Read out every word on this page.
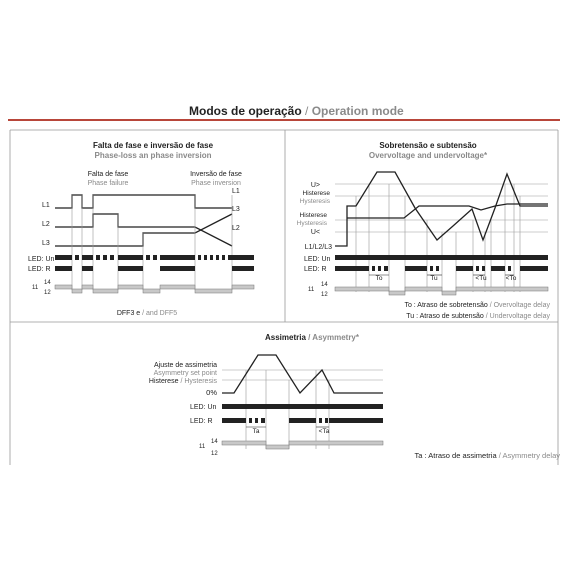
Modos de operação / Operation mode
Falta de fase e inversão de fase
Phase-loss an phase inversion
Falta de fase
Phase failure
Inversão de fase
Phase inversion
L1
L2
L3
L1
L3
L2
LED: Un
LED: R
14
11
12
DFF3 e / and DFF5
Sobretensão e subtensão
Overvoltage and undervoltage*
U>
Histerese
Hysteresis
Histerese
Hysteresis
U<
L1/L2/L3
LED: Un
LED: R
To	Tu	<Tu	<To
14
11
12
To : Atraso de sobretensão / Overvoltage delay
Tu : Atraso de subtensão / Undervoltage delay
Assimetria / Asymmetry*
Ajuste de assimetria
Asymmetry set point
Histerese / Hysteresis
0%
LED: Un
LED: R
Ta	<Ta
14
11
12	Ta : Atraso de assimetria / Asymmetry delay
